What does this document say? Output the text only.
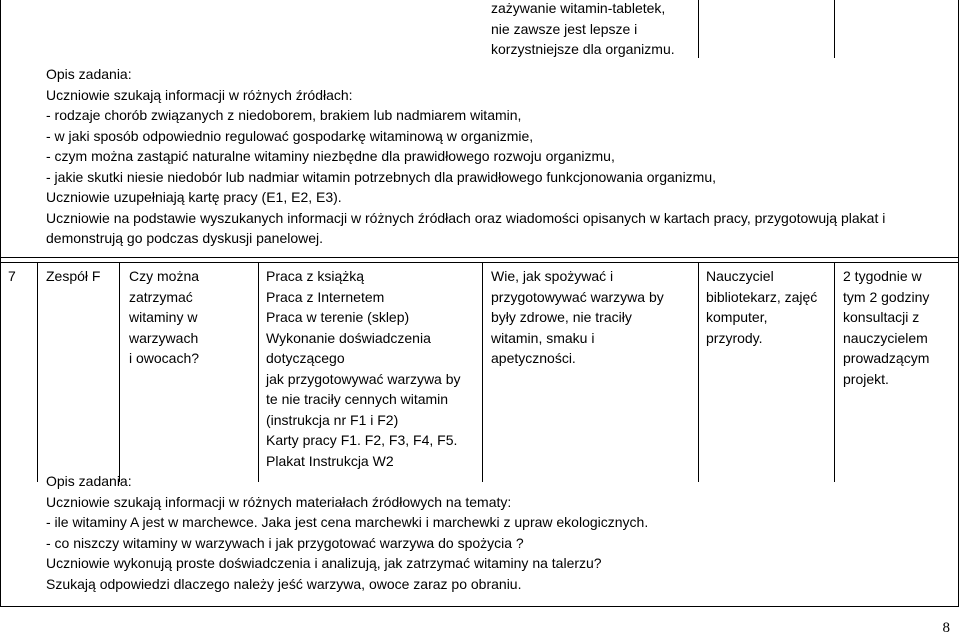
zażywanie witamin-tabletek,
nie zawsze jest lepsze i
korzystniejsze dla organizmu.
Opis zadania:
Uczniowie szukają informacji w różnych źródłach:
- rodzaje chorób związanych z niedoborem, brakiem lub nadmiarem witamin,
- w jaki sposób odpowiednio regulować gospodarkę witaminową w organizmie,
- czym można zastąpić naturalne witaminy niezbędne dla prawidłowego rozwoju organizmu,
- jakie skutki niesie niedobór lub nadmiar witamin potrzebnych dla prawidłowego funkcjonowania organizmu,
Uczniowie uzupełniają kartę pracy (E1, E2, E3).
Uczniowie na podstawie wyszukanych informacji w różnych źródłach oraz wiadomości opisanych w kartach pracy, przygotowują plakat i
demonstrują go podczas dyskusji panelowej.
7 Zespół F Czy można
zatrzymać
witaminy w
warzywach
i owocach?
Praca z książką
Praca z Internetem
Praca w terenie (sklep)
Wykonanie doświadczenia
dotyczącego
jak przygotowywać warzywa by
te nie traciły cennych witamin
(instrukcja nr F1 i F2)
Karty pracy F1. F2, F3, F4, F5.
Plakat Instrukcja W2
Wie, jak spożywać i
przygotowywać warzywa by
były zdrowe, nie traciły
witamin, smaku i
apetyczności.
Nauczyciel
bibliotekarz, zajęć
komputer,
przyrody.
2 tygodnie w
tym 2 godziny
konsultacji z
nauczycielem
prowadzącym
projekt.
Opis zadania:
Uczniowie szukają informacji w różnych materiałach źródłowych na tematy:
- ile witaminy A jest w marchewce. Jaka jest cena marchewki i marchewki z upraw ekologicznych.
- co niszczy witaminy w warzywach i jak przygotować warzywa do spożycia ?
Uczniowie wykonują proste doświadczenia i analizują, jak zatrzymać witaminy na talerzu?
Szukają odpowiedzi dlaczego należy jeść warzywa, owoce zaraz po obraniu.
8
